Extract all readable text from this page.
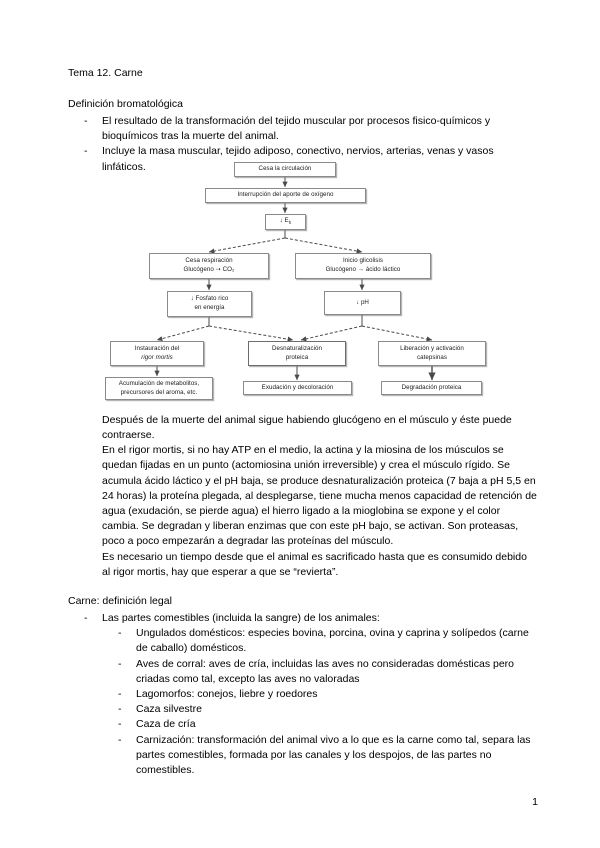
Tema 12. Carne
Definición bromatológica
- El resultado de la transformación del tejido muscular por procesos fisico-químicos y bioquímicos tras la muerte del animal.
- Incluye la masa muscular, tejido adiposo, conectivo, nervios, arterias, venas y vasos linfáticos.
Después de la muerte del animal sigue habiendo glucógeno en el músculo y éste puede contraerse.
En el rigor mortis, si no hay ATP en el medio, la actina y la miosina de los músculos se quedan fijadas en un punto (actomiosina unión irreversible) y crea el músculo rígido. Se acumula ácido láctico y el pH baja, se produce desnaturalización proteica (7 baja a pH 5,5 en 24 horas) la proteína plegada, al desplegarse, tiene mucha menos capacidad de retención de agua (exudación, se pierde agua) el hierro ligado a la mioglobina se expone y el color cambia. Se degradan y liberan enzimas que con este pH bajo, se activan. Son proteasas, poco a poco empezarán a degradar las proteínas del músculo.
Es necesario un tiempo desde que el animal es sacrificado hasta que es consumido debido al rigor mortis, hay que esperar a que se “revierta”.
Carne: definición legal
- Las partes comestibles (incluida la sangre) de los animales:
- Ungulados domésticos: especies bovina, porcina, ovina y caprina y solípedos (carne de caballo) domésticos.
- Aves de corral: aves de cría, incluidas las aves no consideradas domésticas pero criadas como tal, excepto las aves no valoradas
- Lagomorfos: conejos, liebre y roedores
- Caza silvestre
- Caza de cría
- Carnización: transformación del animal vivo a lo que es la carne como tal, separa las partes comestibles, formada por las canales y los despojos, de las partes no comestibles.
Cesa la circulación
Interrupción del aporte de oxígeno
↓ $E_h$
Cesa respiración
Glucógeno ⇢ CO₂
Inicio glicolisis
Glucógeno → ácido láctico
↓ Fosfato rico
en energía
↓ pH
Instauración del
rigor mortis
Desnaturalización
proteica
Liberación y activación
catepsinas
Acumulación de metabolitos,
precursores del aroma, etc.
Exudación y decoloración	Degradación proteica
1
